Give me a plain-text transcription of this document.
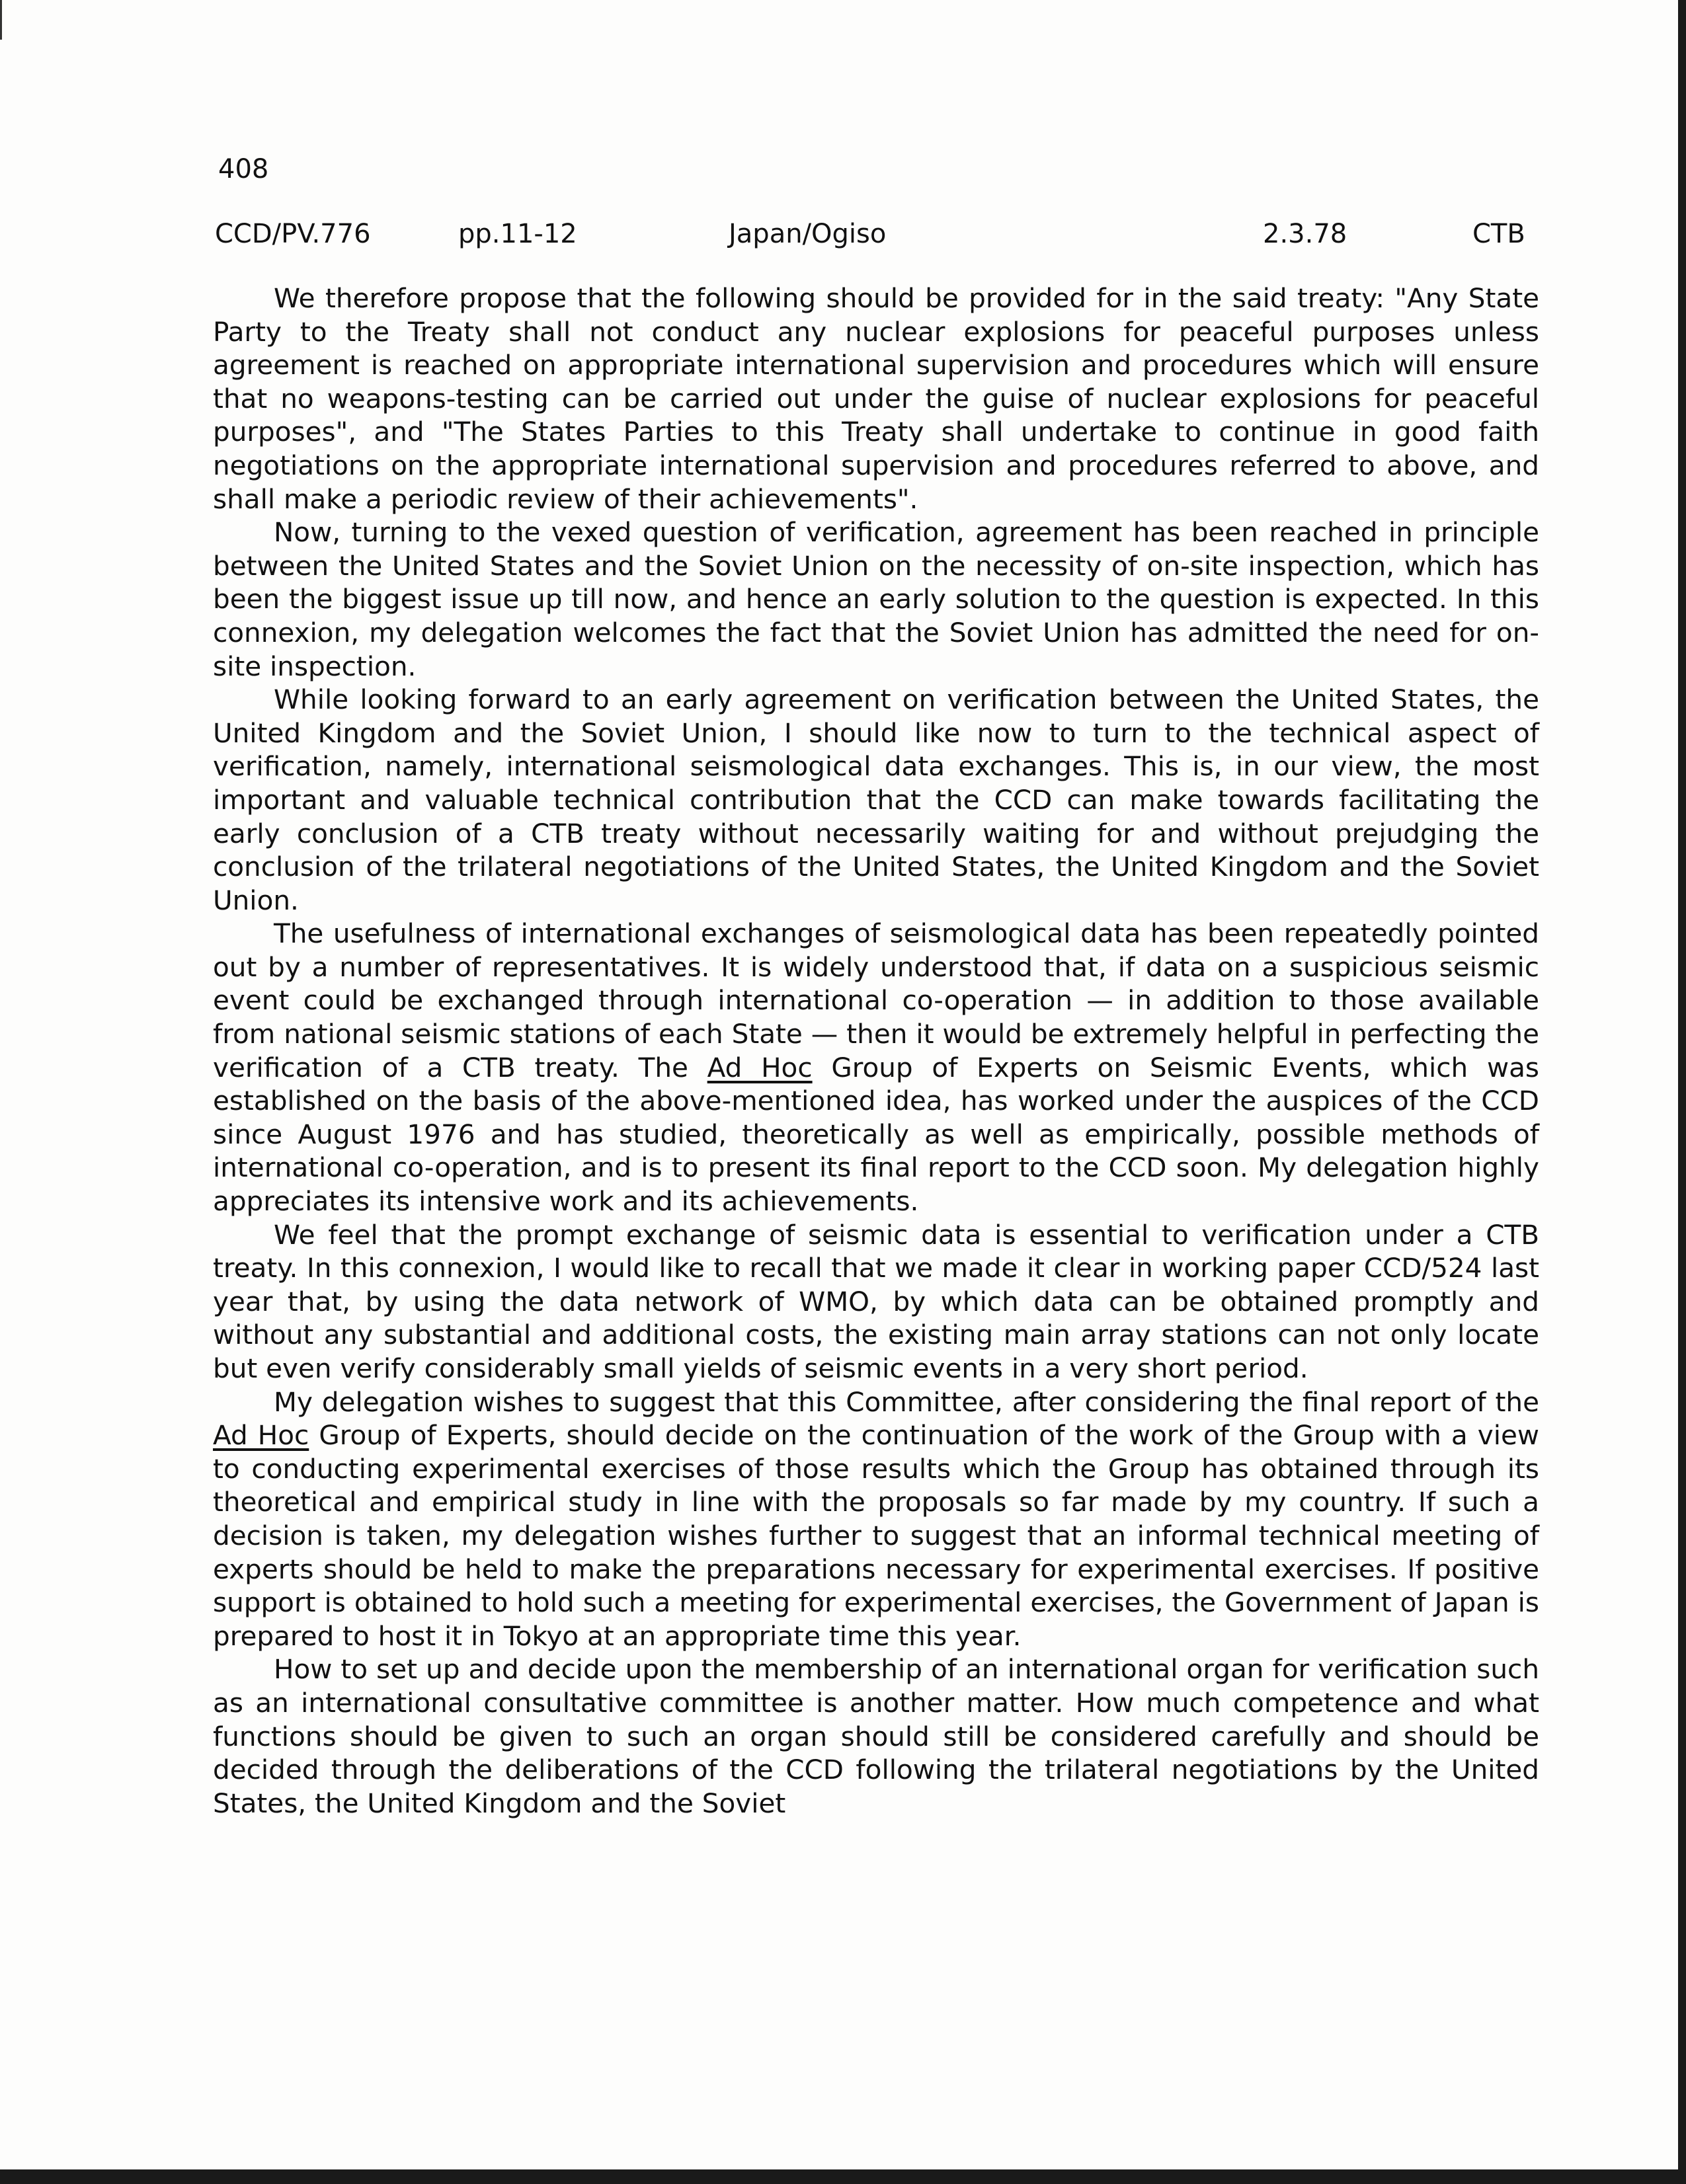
408
CCD/PV.776	pp.11-12	Japan/Ogiso	2.3.78	CTB

We therefore propose that the following should be provided for in the said treaty: "Any State Party to the Treaty shall not conduct any nuclear explosions for peaceful purposes unless agreement is reached on appropriate international supervision and procedures which will ensure that no weapons-testing can be carried out under the guise of nuclear explosions for peaceful purposes", and "The States Parties to this Treaty shall undertake to continue in good faith negotiations on the appropriate international supervision and procedures referred to above, and shall make a periodic review of their achievements".

Now, turning to the vexed question of verification, agreement has been reached in principle between the United States and the Soviet Union on the necessity of on-site inspection, which has been the biggest issue up till now, and hence an early solution to the question is expected. In this connexion, my delegation welcomes the fact that the Soviet Union has admitted the need for on-site inspection.

While looking forward to an early agreement on verification between the United States, the United Kingdom and the Soviet Union, I should like now to turn to the technical aspect of verification, namely, international seismological data exchanges. This is, in our view, the most important and valuable technical contribution that the CCD can make towards facilitating the early conclusion of a CTB treaty without necessarily waiting for and without prejudging the conclusion of the trilateral negotiations of the United States, the United Kingdom and the Soviet Union.

The usefulness of international exchanges of seismological data has been repeatedly pointed out by a number of representatives. It is widely understood that, if data on a suspicious seismic event could be exchanged through international co-operation — in addition to those available from national seismic stations of each State — then it would be extremely helpful in perfecting the verification of a CTB treaty. The Ad Hoc Group of Experts on Seismic Events, which was established on the basis of the above-mentioned idea, has worked under the auspices of the CCD since August 1976 and has studied, theoretically as well as empirically, possible methods of international co-operation, and is to present its final report to the CCD soon. My delegation highly appreciates its intensive work and its achievements.

We feel that the prompt exchange of seismic data is essential to verification under a CTB treaty. In this connexion, I would like to recall that we made it clear in working paper CCD/524 last year that, by using the data network of WMO, by which data can be obtained promptly and without any substantial and additional costs, the existing main array stations can not only locate but even verify considerably small yields of seismic events in a very short period.

My delegation wishes to suggest that this Committee, after considering the final report of the Ad Hoc Group of Experts, should decide on the continuation of the work of the Group with a view to conducting experimental exercises of those results which the Group has obtained through its theoretical and empirical study in line with the proposals so far made by my country. If such a decision is taken, my delegation wishes further to suggest that an informal technical meeting of experts should be held to make the preparations necessary for experimental exercises. If positive support is obtained to hold such a meeting for experimental exercises, the Government of Japan is prepared to host it in Tokyo at an appropriate time this year.

How to set up and decide upon the membership of an international organ for verification such as an international consultative committee is another matter. How much competence and what functions should be given to such an organ should still be considered carefully and should be decided through the deliberations of the CCD following the trilateral negotiations by the United States, the United Kingdom and the Soviet
